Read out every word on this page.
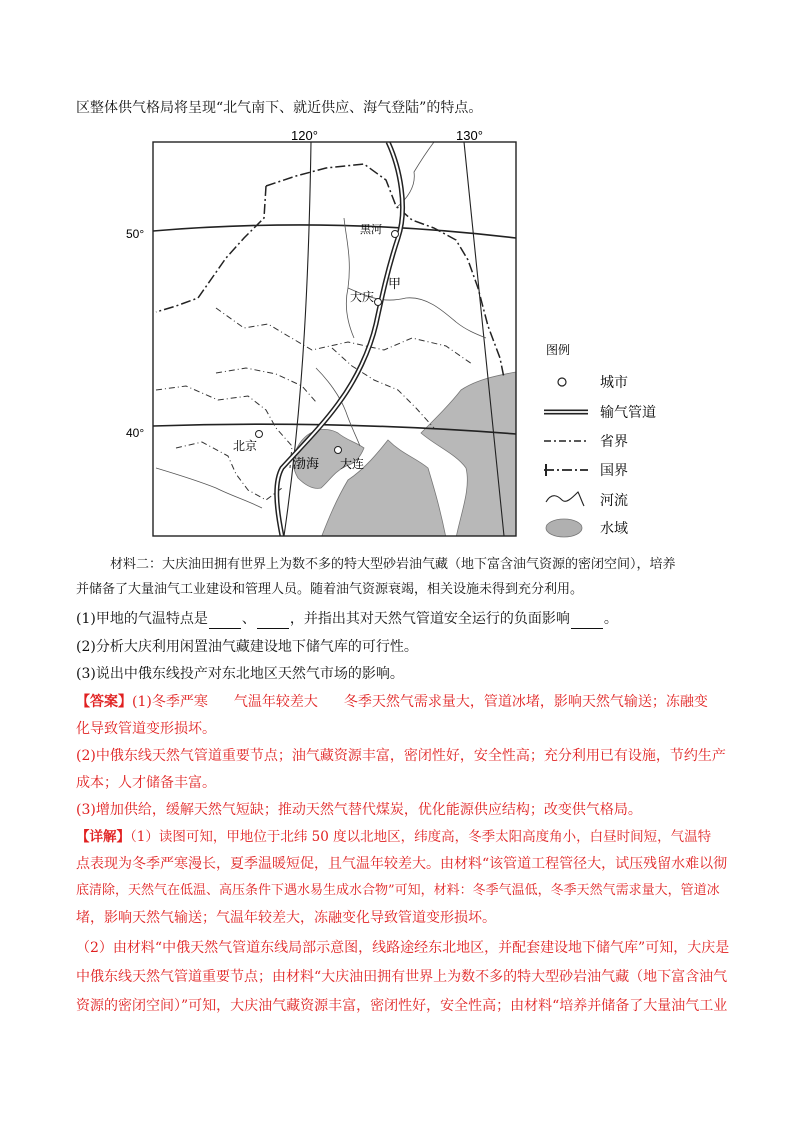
区整体供气格局将呈现“北气南下、就近供应、海气登陆”的特点。
120°	130°
50°
40°
黑河
大庆
甲
北京
大连
渤海
图例
城市
输气管道
省界
国界
河流
水域
材料二：大庆油田拥有世界上为数不多的特大型砂岩油气藏（地下富含油气资源的密闭空间），培养
并储备了大量油气工业建设和管理人员。随着油气资源衰竭，相关设施未得到充分利用。
(1)甲地的气温特点是 、 ，并指出其对天然气管道安全运行的负面影响 。
(2)分析大庆利用闲置油气藏建设地下储气库的可行性。
(3)说出中俄东线投产对东北地区天然气市场的影响。
【答案】(1)冬季严寒 气温年较差大 冬季天然气需求量大，管道冰堵，影响天然气输送；冻融变
化导致管道变形损坏。
(2)中俄东线天然气管道重要节点；油气藏资源丰富，密闭性好，安全性高；充分利用已有设施，节约生产
成本；人才储备丰富。
(3)增加供给，缓解天然气短缺；推动天然气替代煤炭，优化能源供应结构；改变供气格局。
【详解】（1）读图可知，甲地位于北纬 50 度以北地区，纬度高，冬季太阳高度角小，白昼时间短，气温特
点表现为冬季严寒漫长，夏季温暖短促，且气温年较差大。由材料“该管道工程管径大，试压残留水难以彻
底清除，天然气在低温、高压条件下遇水易生成水合物”可知，材料：冬季气温低，冬季天然气需求量大，管道冰
堵，影响天然气输送；气温年较差大，冻融变化导致管道变形损坏。
（2）由材料“中俄天然气管道东线局部示意图，线路途经东北地区，并配套建设地下储气库”可知，大庆是
中俄东线天然气管道重要节点；由材料“大庆油田拥有世界上为数不多的特大型砂岩油气藏（地下富含油气
资源的密闭空间）”可知，大庆油气藏资源丰富，密闭性好，安全性高；由材料“培养并储备了大量油气工业
